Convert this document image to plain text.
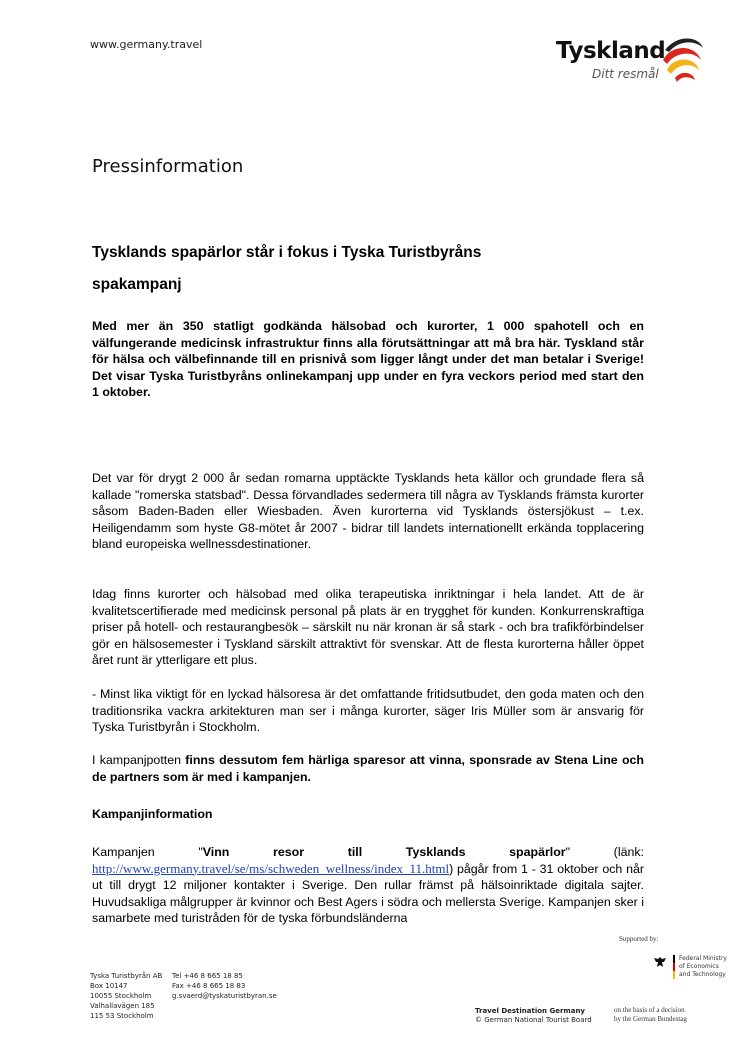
www.germany.travel	Tyskland
Ditt resmål
Pressinformation
Tysklands spapärlor står i fokus i Tyska Turistbyråns
spakampanj
Med mer än 350 statligt godkända hälsobad och kurorter, 1 000 spahotell och en välfungerande medicinsk infrastruktur finns alla förutsättningar att må bra här. Tyskland står för hälsa och välbefinnande till en prisnivå som ligger långt under det man betalar i Sverige! Det visar Tyska Turistbyråns onlinekampanj upp under en fyra veckors period med start den 1 oktober.
Det var för drygt 2 000 år sedan romarna upptäckte Tysklands heta källor och grundade flera så kallade "romerska statsbad". Dessa förvandlades sedermera till några av Tysklands främsta kurorter såsom Baden-Baden eller Wiesbaden. Även kurorterna vid Tysklands östersjökust – t.ex. Heiligendamm som hyste G8-mötet år 2007 - bidrar till landets internationellt erkända topplacering bland europeiska wellnessdestinationer.
Idag finns kurorter och hälsobad med olika terapeutiska inriktningar i hela landet. Att de är kvalitetscertifierade med medicinsk personal på plats är en trygghet för kunden. Konkurrenskraftiga priser på hotell- och restaurangbesök – särskilt nu när kronan är så stark - och bra trafikförbindelser gör en hälsosemester i Tyskland särskilt attraktivt för svenskar. Att de flesta kurorterna håller öppet året runt är ytterligare ett plus.
- Minst lika viktigt för en lyckad hälsoresa är det omfattande fritidsutbudet, den goda maten och den traditionsrika vackra arkitekturen man ser i många kurorter, säger Iris Müller som är ansvarig för Tyska Turistbyrån i Stockholm.
I kampanjpotten finns dessutom fem härliga sparesor att vinna, sponsrade av Stena Line och de partners som är med i kampanjen.
Kampanjinformation
Kampanjen "Vinn resor till Tysklands spapärlor" (länk: http://www.germany.travel/se/ms/schweden_wellness/index_11.html) pågår from 1 - 31 oktober och når ut till drygt 12 miljoner kontakter i Sverige. Den rullar främst på hälsoinriktade digitala sajter. Huvudsakliga målgrupper är kvinnor och Best Agers i södra och mellersta Sverige. Kampanjen sker i samarbete med turistråden för de tyska förbundsländerna
Tyska Turistbyrån AB
Box 10147
10055 Stockholm
Valhallavägen 185
115 53 Stockholm
Tel +46 8 665 18 85
Fax +46 8 665 18 83
g.svaerd@tyskaturistbyran.se
Supported by:
Federal Ministry
of Economics
and Technology
Travel Destination Germany
© German National Tourist Board
on the basis of a decision
by the German Bundestag
